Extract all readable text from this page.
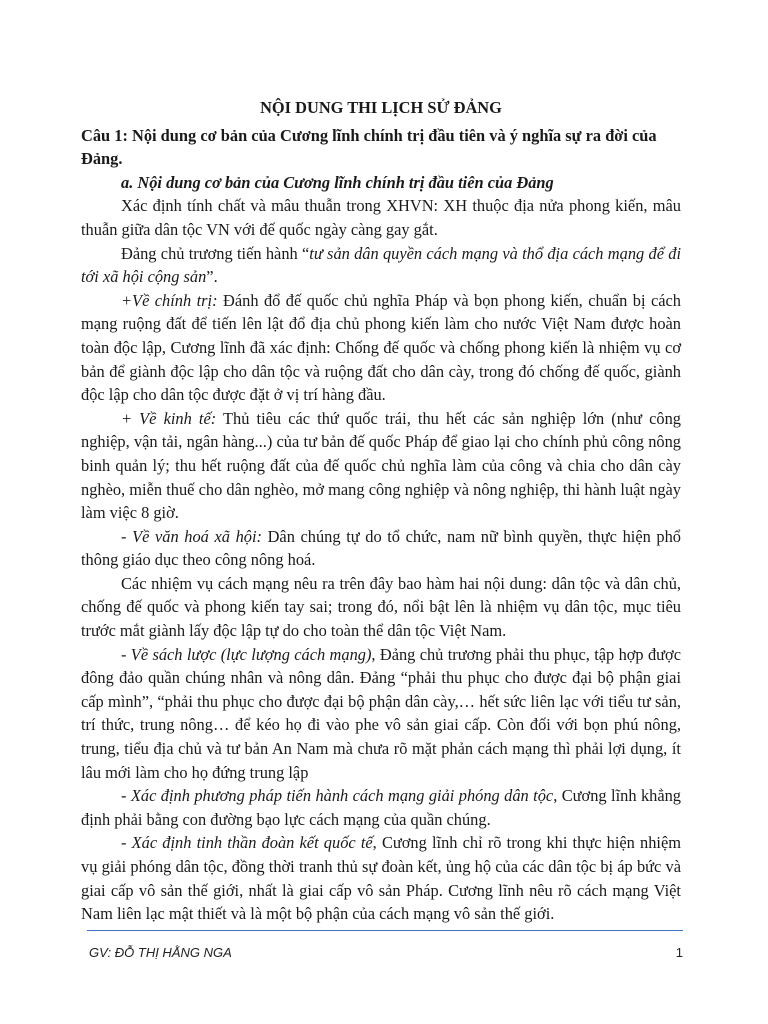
NỘI DUNG THI LỊCH SỬ ĐẢNG

Câu 1: Nội dung cơ bản của Cương lĩnh chính trị đầu tiên và ý nghĩa sự ra đời của Đảng.

a. Nội dung cơ bản của Cương lĩnh chính trị đầu tiên của Đảng

Xác định tính chất và mâu thuẫn trong XHVN: XH thuộc địa nửa phong kiến, mâu thuẫn giữa dân tộc VN với đế quốc ngày càng gay gắt.

Đảng chủ trương tiến hành “tư sản dân quyền cách mạng và thổ địa cách mạng để đi tới xã hội cộng sản”.

+Về chính trị: Đánh đổ đế quốc chủ nghĩa Pháp và bọn phong kiến, chuẩn bị cách mạng ruộng đất để tiến lên lật đổ địa chủ phong kiến làm cho nước Việt Nam được hoàn toàn độc lập, Cương lĩnh đã xác định: Chống đế quốc và chống phong kiến là nhiệm vụ cơ bản để giành độc lập cho dân tộc và ruộng đất cho dân cày, trong đó chống đế quốc, giành độc lập cho dân tộc được đặt ở vị trí hàng đầu.

+ Về kinh tế: Thủ tiêu các thứ quốc trái, thu hết các sản nghiệp lớn (như công nghiệp, vận tải, ngân hàng...) của tư bản đế quốc Pháp để giao lại cho chính phủ công nông binh quản lý; thu hết ruộng đất của đế quốc chủ nghĩa làm của công và chia cho dân cày nghèo, miễn thuế cho dân nghèo, mở mang công nghiệp và nông nghiệp, thi hành luật ngày làm việc 8 giờ.

- Về văn hoá xã hội: Dân chúng tự do tổ chức, nam nữ bình quyền, thực hiện phổ thông giáo dục theo công nông hoá.

Các nhiệm vụ cách mạng nêu ra trên đây bao hàm hai nội dung: dân tộc và dân chủ, chống đế quốc và phong kiến tay sai; trong đó, nổi bật lên là nhiệm vụ dân tộc, mục tiêu trước mắt giành lấy độc lập tự do cho toàn thể dân tộc Việt Nam.

- Về sách lược (lực lượng cách mạng), Đảng chủ trương phải thu phục, tập hợp được đông đảo quần chúng nhân và nông dân. Đảng “phải thu phục cho được đại bộ phận giai cấp mình”, “phải thu phục cho được đại bộ phận dân cày,… hết sức liên lạc với tiểu tư sản, trí thức, trung nông… để kéo họ đi vào phe vô sản giai cấp. Còn đối với bọn phú nông, trung, tiểu địa chủ và tư bản An Nam mà chưa rõ mặt phản cách mạng thì phải lợi dụng, ít lâu mới làm cho họ đứng trung lập

- Xác định phương pháp tiến hành cách mạng giải phóng dân tộc, Cương lĩnh khẳng định phải bằng con đường bạo lực cách mạng của quần chúng.

- Xác định tinh thần đoàn kết quốc tế, Cương lĩnh chỉ rõ trong khi thực hiện nhiệm vụ giải phóng dân tộc, đồng thời tranh thủ sự đoàn kết, ủng hộ của các dân tộc bị áp bức và giai cấp vô sản thế giới, nhất là giai cấp vô sản Pháp. Cương lĩnh nêu rõ cách mạng Việt Nam liên lạc mật thiết và là một bộ phận của cách mạng vô sản thế giới.

GV: ĐỖ THỊ HẰNG NGA	1
